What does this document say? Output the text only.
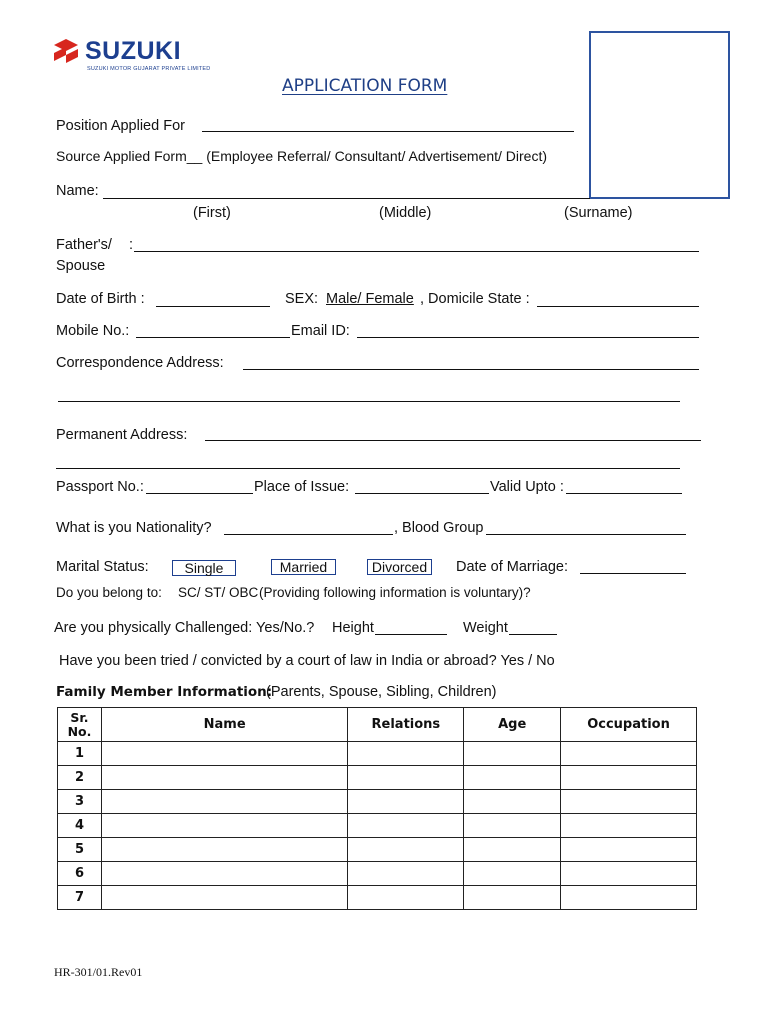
SUZUKI
SUZUKI MOTOR GUJARAT PRIVATE LIMITED
APPLICATION FORM
Position Applied For
Source Applied Form__ (Employee Referral/ Consultant/ Advertisement/ Direct)
Name:
(First)	(Middle)	(Surname)
Father's/ :
Spouse
Date of Birth :	SEX: Male/ Female , Domicile State :
Mobile No.:	Email ID:
Correspondence Address:
Permanent Address:
Passport No.:	Place of Issue:	Valid Upto :
What is you Nationality?	, Blood Group
Marital Status:	Single	Married	Divorced	Date of Marriage:
Do you belong to: SC/ ST/ OBC (Providing following information is voluntary)?
Are you physically Challenged: Yes/No.? Height	Weight
Have you been tried / convicted by a court of law in India or abroad? Yes / No
Family Member Information:
(Parents, Spouse, Sibling, Children)
Sr. No.	Name	Relations	Age	Occupation
1				
2				
3				
4				
5				
6				
7				
HR-301/01.Rev01
